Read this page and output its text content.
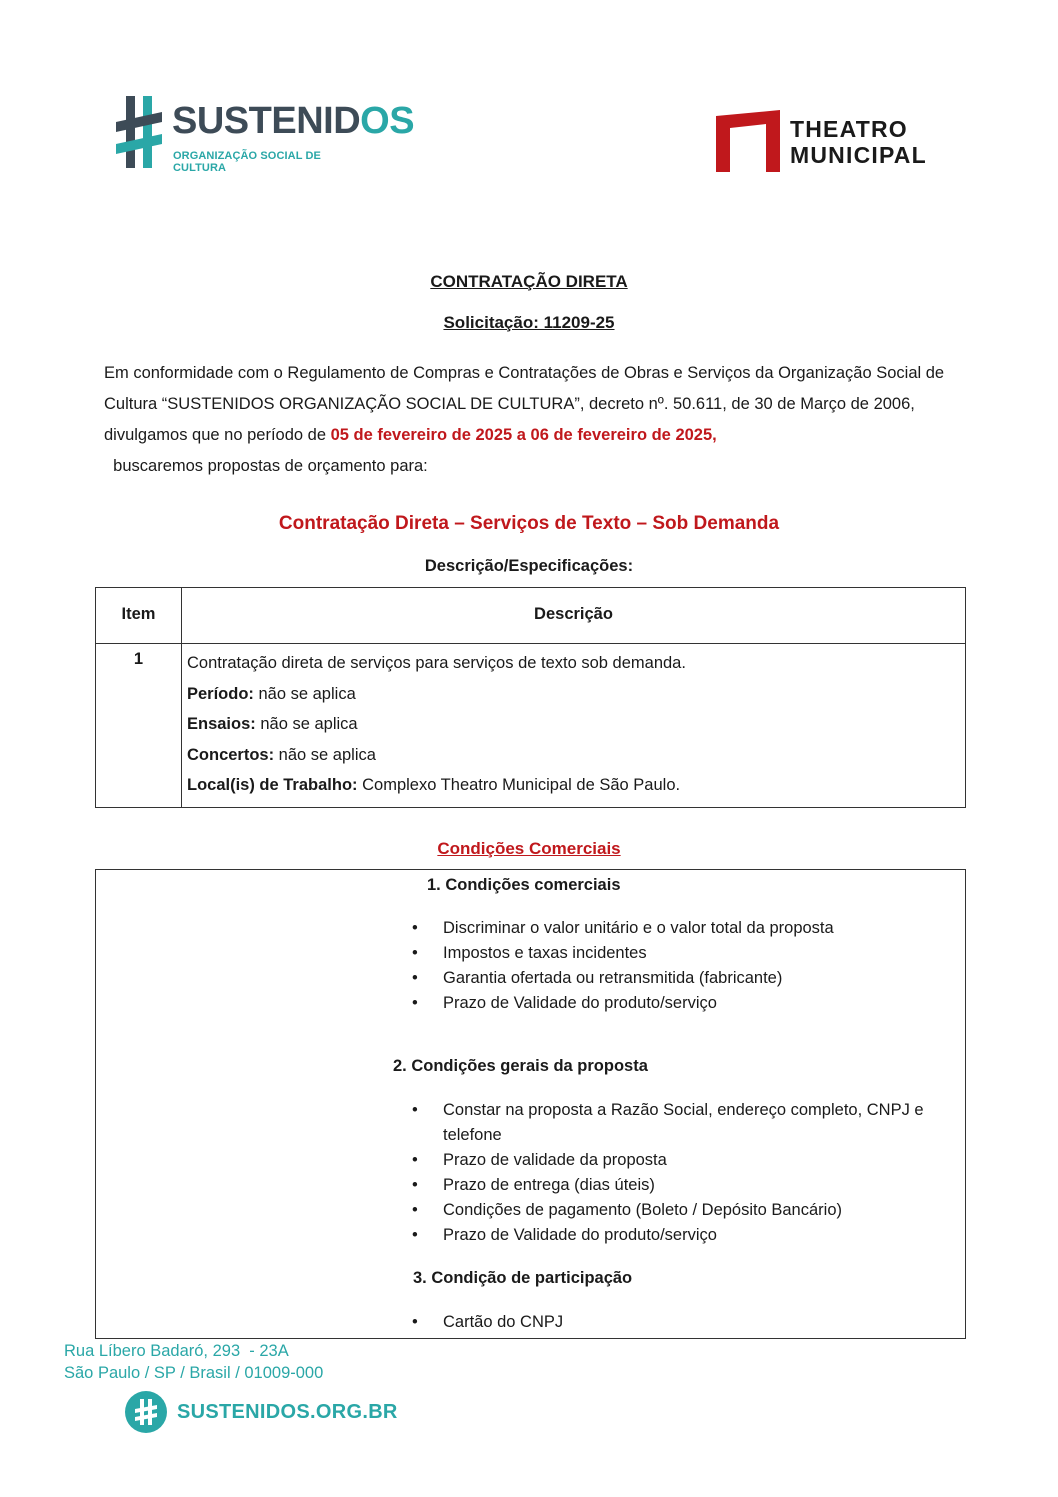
SUSTENIDOS
ORGANIZAÇÃO SOCIAL DE CULTURA
THEATRO
MUNICIPAL
CONTRATAÇÃO DIRETA
Solicitação: 11209-25
Em conformidade com o Regulamento de Compras e Contratações de Obras e Serviços da Organização Social de Cultura “SUSTENIDOS ORGANIZAÇÃO SOCIAL DE CULTURA”, decreto nº. 50.611, de 30 de Março de 2006, divulgamos que no período de 05 de fevereiro de 2025 a 06 de fevereiro de 2025,
buscaremos propostas de orçamento para:
Contratação Direta – Serviços de Texto – Sob Demanda
Descrição/Especificações:
Item	Descrição
1	Contratação direta de serviços para serviços de texto sob demanda.
Período: não se aplica
Ensaios: não se aplica
Concertos: não se aplica
Local(is) de Trabalho: Complexo Theatro Municipal de São Paulo.
Condições Comerciais
1. Condições comerciais
• Discriminar o valor unitário e o valor total da proposta
• Impostos e taxas incidentes
• Garantia ofertada ou retransmitida (fabricante)
• Prazo de Validade do produto/serviço
2. Condições gerais da proposta
• Constar na proposta a Razão Social, endereço completo, CNPJ e telefone
• Prazo de validade da proposta
• Prazo de entrega (dias úteis)
• Condições de pagamento (Boleto / Depósito Bancário)
• Prazo de Validade do produto/serviço
3. Condição de participação
• Cartão do CNPJ
Rua Líbero Badaró, 293  - 23A
São Paulo / SP / Brasil / 01009-000
SUSTENIDOS.ORG.BR
